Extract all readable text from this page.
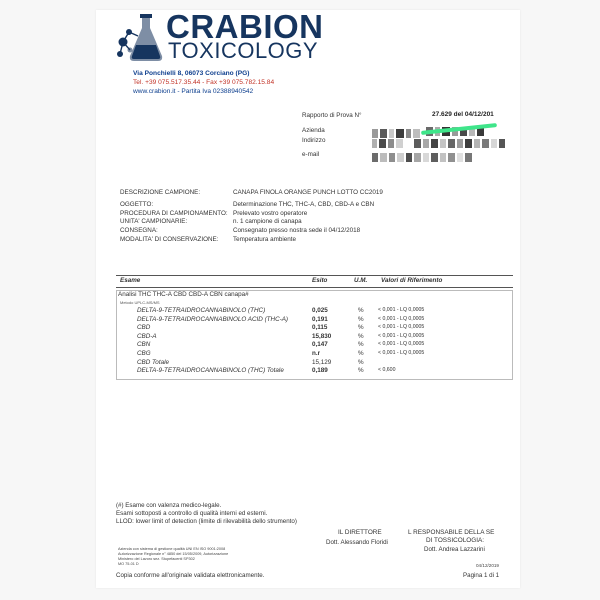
CRABION
TOXICOLOGY
Via Ponchielli 8, 06073 Corciano (PG)
Tel. +39 075.517.35.44 - Fax +39 075.782.15.84
www.crabion.it - Partita Iva 02388940542
Rapporto di Prova N°	27.629 del 04/12/201
Azienda
Indirizzo
e-mail
DESCRIZIONE CAMPIONE:	CANAPA FINOLA ORANGE PUNCH LOTTO CC2019
OGGETTO:	Determinazione THC, THC-A, CBD, CBD-A e CBN
PROCEDURA DI CAMPIONAMENTO: Prelevato vostro operatore
UNITA' CAMPIONARIE:	n. 1 campione di canapa
CONSEGNA:	Consegnato presso nostra sede il 04/12/2018
MODALITA' DI CONSERVAZIONE: Temperatura ambiente
Esame	Esito	U.M. Valori di Riferimento
Analisi THC THC-A CBD CBD-A CBN canapa#
Metodo UPLC-MS/MS
DELTA-9-TETRAIDROCANNABINOLO (THC)	0,025	%	< 0,001 - LQ 0,0005
DELTA-9-TETRAIDROCANNABINOLO ACID (THC-A)	0,191	%	< 0,001 - LQ 0,0005
CBD	0,115	%	< 0,001 - LQ 0,0005
CBD-A	15,830	%	< 0,001 - LQ 0,0005
CBN	0,147	%	< 0,001 - LQ 0,0005
CBG	n.r	%	< 0,001 - LQ 0,0005
CBD Totale	15,129	%
DELTA-9-TETRAIDROCANNABINOLO (THC) Totale	0,189	%	< 0,600
(#) Esame con valenza medico-legale.
Esami sottoposti a controllo di qualità interni ed esterni.
LLOD: lower limit of detection (limite di rilevabilità dello strumento)
IL DIRETTORE
Dott. Alessando Floridi
L RESPONSABILE DELLA SE
DI TOSSICOLOGIA:
Dott. Andrea Lazzarini
Azienda con sistema di gestione qualità UNI EN ISO 9001:2008
Autorizzazione Regionale n° 4850 del 15/05/2009, Autorizzazione
Ministero del Lavoro sez. Stupefacenti SP302
MO 75-01 D	04/12/2019
Copia conforme all'originale validata elettronicamente.	Pagina 1 di 1
